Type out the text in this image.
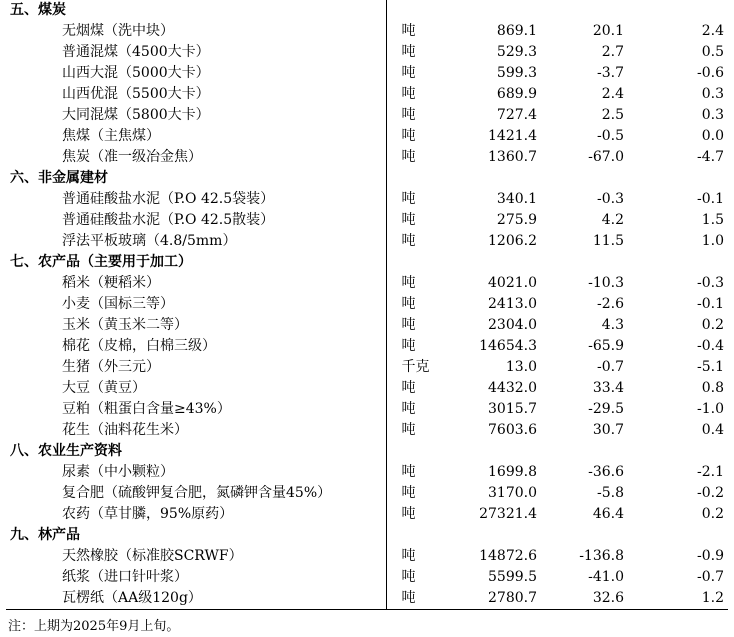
五、煤炭				
无烟煤（洗中块）	吨	869.1	20.1	2.4
普通混煤（4500大卡）	吨	529.3	2.7	0.5
山西大混（5000大卡）	吨	599.3	-3.7	-0.6
山西优混（5500大卡）	吨	689.9	2.4	0.3
大同混煤（5800大卡）	吨	727.4	2.5	0.3
焦煤（主焦煤）	吨	1421.4	-0.5	0.0
焦炭（准一级冶金焦）	吨	1360.7	-67.0	-4.7
六、非金属建材				
普通硅酸盐水泥（P.O 42.5袋装）	吨	340.1	-0.3	-0.1
普通硅酸盐水泥（P.O 42.5散装）	吨	275.9	4.2	1.5
浮法平板玻璃（4.8/5mm）	吨	1206.2	11.5	1.0
七、农产品（主要用于加工）				
稻米（粳稻米）	吨	4021.0	-10.3	-0.3
小麦（国标三等）	吨	2413.0	-2.6	-0.1
玉米（黄玉米二等）	吨	2304.0	4.3	0.2
棉花（皮棉，白棉三级）	吨	14654.3	-65.9	-0.4
生猪（外三元）	千克	13.0	-0.7	-5.1
大豆（黄豆）	吨	4432.0	33.4	0.8
豆粕（粗蛋白含量≥43%）	吨	3015.7	-29.5	-1.0
花生（油料花生米）	吨	7603.6	30.7	0.4
八、农业生产资料				
尿素（中小颗粒）	吨	1699.8	-36.6	-2.1
复合肥（硫酸钾复合肥，氮磷钾含量45%）	吨	3170.0	-5.8	-0.2
农药（草甘膦，95%原药）	吨	27321.4	46.4	0.2
九、林产品				
天然橡胶（标准胶SCRWF）	吨	14872.6	-136.8	-0.9
纸浆（进口针叶浆）	吨	5599.5	-41.0	-0.7
瓦楞纸（AA级120g）	吨	2780.7	32.6	1.2
注：上期为2025年9月上旬。
